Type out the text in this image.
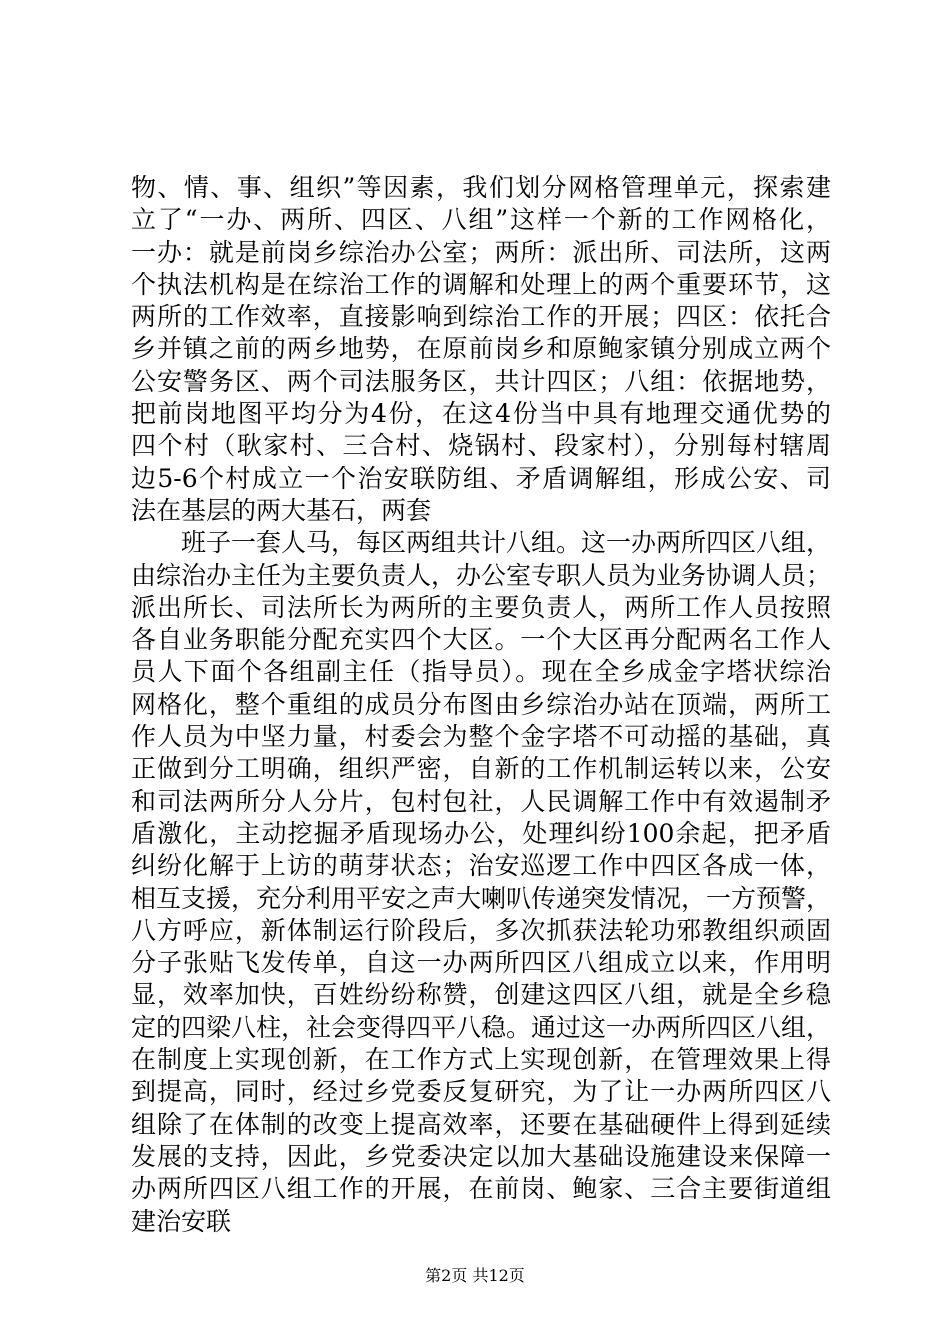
物、情、事、组织”等因素，我们划分网格管理单元，探索建
立了“一办、两所、四区、八组”这样一个新的工作网格化，
一办：就是前岗乡综治办公室；两所：派出所、司法所，这两
个执法机构是在综治工作的调解和处理上的两个重要环节，这
两所的工作效率，直接影响到综治工作的开展；四区：依托合
乡并镇之前的两乡地势，在原前岗乡和原鲍家镇分别成立两个
公安警务区、两个司法服务区，共计四区；八组：依据地势，
把前岗地图平均分为4份，在这4份当中具有地理交通优势的
四个村（耿家村、三合村、烧锅村、段家村），分别每村辖周
边5-6个村成立一个治安联防组、矛盾调解组，形成公安、司
法在基层的两大基石，两套
班子一套人马，每区两组共计八组。这一办两所四区八组，
由综治办主任为主要负责人，办公室专职人员为业务协调人员；
派出所长、司法所长为两所的主要负责人，两所工作人员按照
各自业务职能分配充实四个大区。一个大区再分配两名工作人
员人下面个各组副主任（指导员）。现在全乡成金字塔状综治
网格化，整个重组的成员分布图由乡综治办站在顶端，两所工
作人员为中坚力量，村委会为整个金字塔不可动摇的基础，真
正做到分工明确，组织严密，自新的工作机制运转以来，公安
和司法两所分人分片，包村包社，人民调解工作中有效遏制矛
盾激化，主动挖掘矛盾现场办公，处理纠纷100余起，把矛盾
纠纷化解于上访的萌芽状态；治安巡逻工作中四区各成一体，
相互支援，充分利用平安之声大喇叭传递突发情况，一方预警，
八方呼应，新体制运行阶段后，多次抓获法轮功邪教组织顽固
分子张贴飞发传单，自这一办两所四区八组成立以来，作用明
显，效率加快，百姓纷纷称赞，创建这四区八组，就是全乡稳
定的四梁八柱，社会变得四平八稳。通过这一办两所四区八组，
在制度上实现创新，在工作方式上实现创新，在管理效果上得
到提高，同时，经过乡党委反复研究，为了让一办两所四区八
组除了在体制的改变上提高效率，还要在基础硬件上得到延续
发展的支持，因此，乡党委决定以加大基础设施建设来保障一
办两所四区八组工作的开展，在前岗、鲍家、三合主要街道组
建治安联
第2页 共12页
